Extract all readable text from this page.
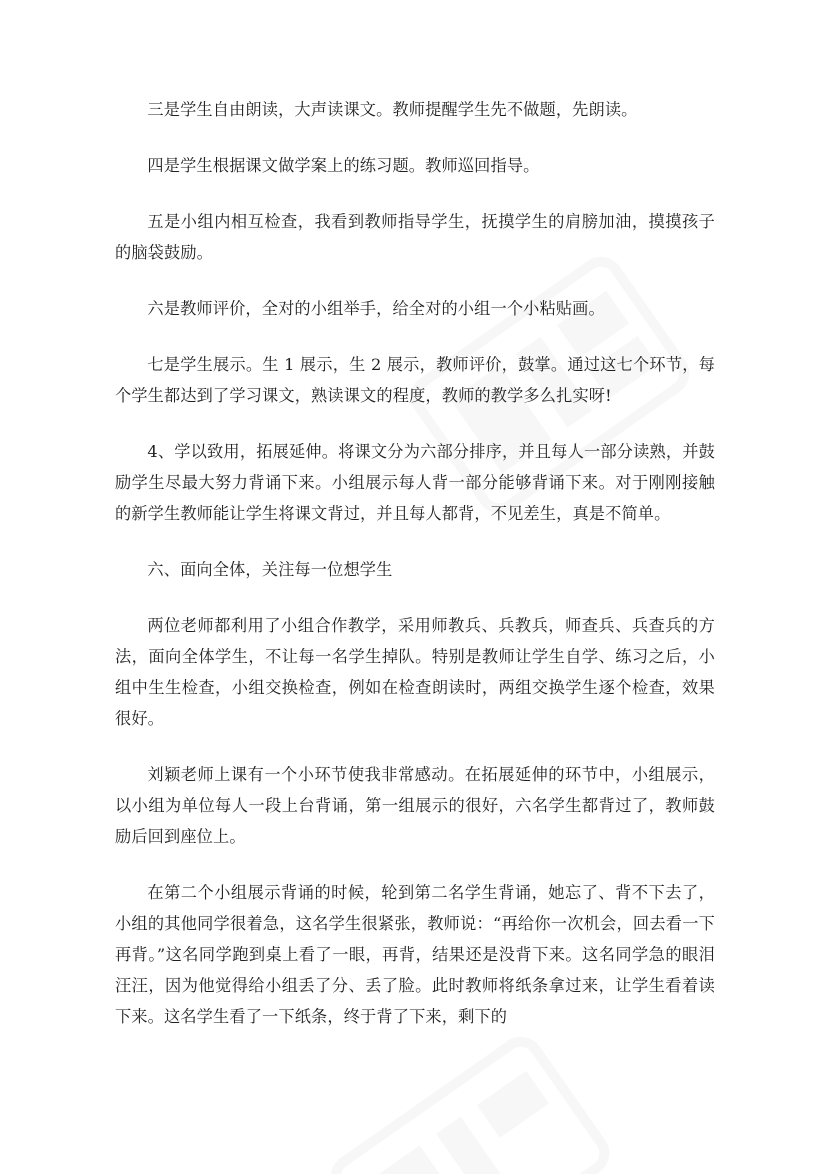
三是学生自由朗读，大声读课文。教师提醒学生先不做题，先朗读。

四是学生根据课文做学案上的练习题。教师巡回指导。

五是小组内相互检查，我看到教师指导学生，抚摸学生的肩膀加油，摸摸孩子的脑袋鼓励。

六是教师评价，全对的小组举手，给全对的小组一个小粘贴画。

七是学生展示。生 1 展示，生 2 展示，教师评价，鼓掌。通过这七个环节，每个学生都达到了学习课文，熟读课文的程度，教师的教学多么扎实呀!

4、学以致用，拓展延伸。将课文分为六部分排序，并且每人一部分读熟，并鼓励学生尽最大努力背诵下来。小组展示每人背一部分能够背诵下来。对于刚刚接触的新学生教师能让学生将课文背过，并且每人都背，不见差生，真是不简单。

六、面向全体，关注每一位想学生

两位老师都利用了小组合作教学，采用师教兵、兵教兵，师查兵、兵查兵的方法，面向全体学生，不让每一名学生掉队。特别是教师让学生自学、练习之后，小组中生生检查，小组交换检查，例如在检查朗读时，两组交换学生逐个检查，效果很好。

刘颖老师上课有一个小环节使我非常感动。在拓展延伸的环节中，小组展示，以小组为单位每人一段上台背诵，第一组展示的很好，六名学生都背过了，教师鼓励后回到座位上。

在第二个小组展示背诵的时候，轮到第二名学生背诵，她忘了、背不下去了，小组的其他同学很着急，这名学生很紧张，教师说：“再给你一次机会，回去看一下再背。”这名同学跑到桌上看了一眼，再背，结果还是没背下来。这名同学急的眼泪汪汪，因为他觉得给小组丢了分、丢了脸。此时教师将纸条拿过来，让学生看着读下来。这名学生看了一下纸条，终于背了下来，剩下的
